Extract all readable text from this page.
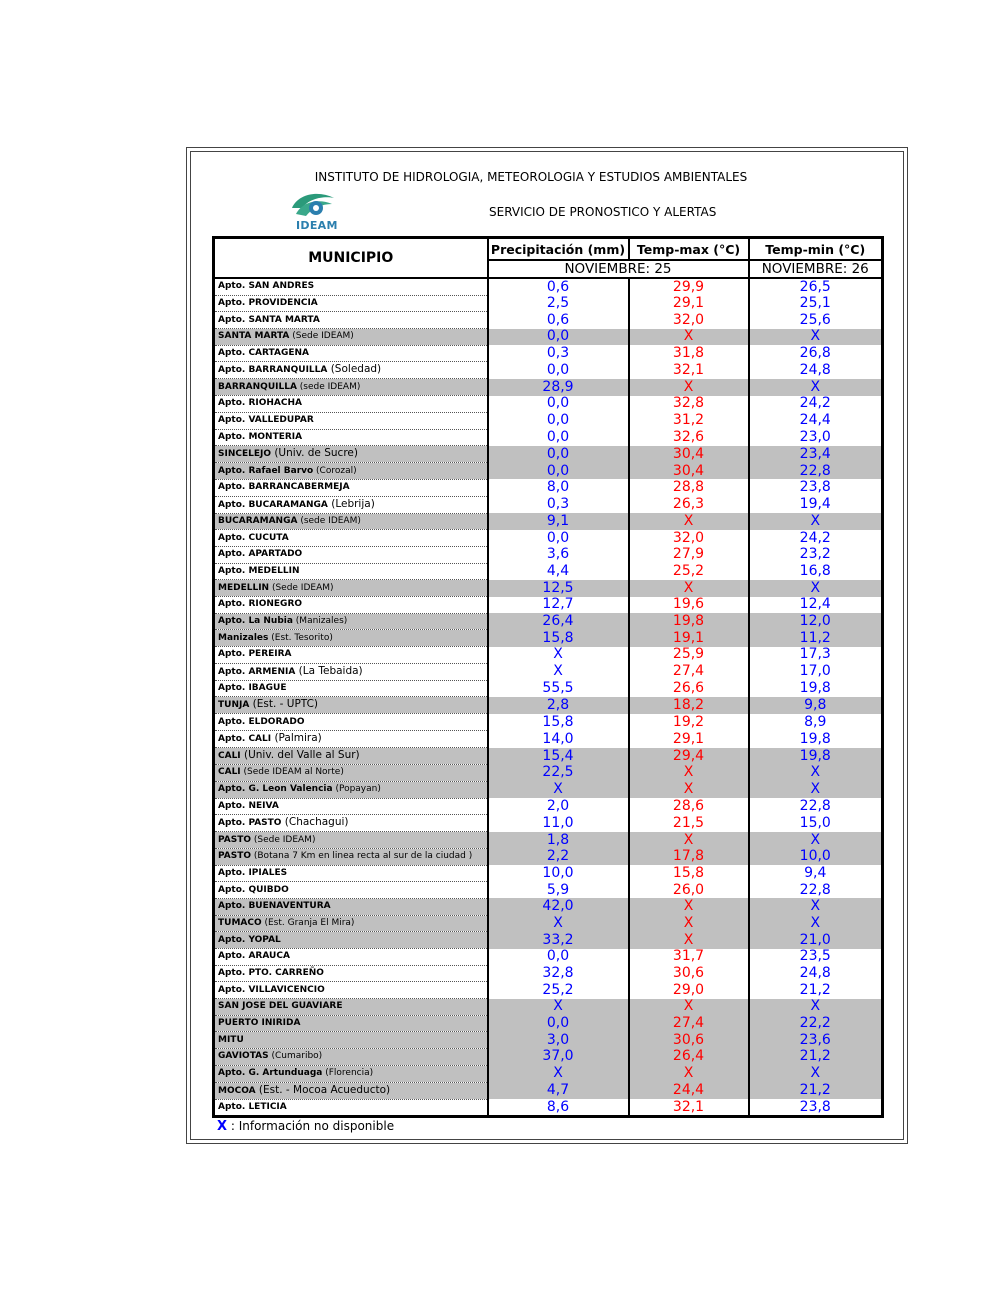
INSTITUTO DE HIDROLOGIA, METEOROLOGIA Y ESTUDIOS AMBIENTALES
IDEAM
SERVICIO DE PRONOSTICO Y ALERTAS
MUNICIPIO	Precipitación (mm)	Temp-max (°C)	Temp-min (°C)
	NOVIEMBRE: 25		NOVIEMBRE: 26
Apto. SAN ANDRES	0,6	29,9	26,5
Apto. PROVIDENCIA	2,5	29,1	25,1
Apto. SANTA MARTA	0,6	32,0	25,6
SANTA MARTA (Sede IDEAM)	0,0	X	X
Apto. CARTAGENA	0,3	31,8	26,8
Apto. BARRANQUILLA (Soledad)	0,0	32,1	24,8
BARRANQUILLA (sede IDEAM)	28,9	X	X
Apto. RIOHACHA	0,0	32,8	24,2
Apto. VALLEDUPAR	0,0	31,2	24,4
Apto. MONTERIA	0,0	32,6	23,0
SINCELEJO (Univ. de Sucre)	0,0	30,4	23,4
Apto. Rafael Barvo (Corozal)	0,0	30,4	22,8
Apto. BARRANCABERMEJA	8,0	28,8	23,8
Apto. BUCARAMANGA (Lebrija)	0,3	26,3	19,4
BUCARAMANGA (sede IDEAM)	9,1	X	X
Apto. CUCUTA	0,0	32,0	24,2
Apto. APARTADO	3,6	27,9	23,2
Apto. MEDELLIN	4,4	25,2	16,8
MEDELLIN (Sede IDEAM)	12,5	X	X
Apto. RIONEGRO	12,7	19,6	12,4
Apto. La Nubia (Manizales)	26,4	19,8	12,0
Manizales (Est. Tesorito)	15,8	19,1	11,2
Apto. PEREIRA	X	25,9	17,3
Apto. ARMENIA (La Tebaida)	X	27,4	17,0
Apto. IBAGUE	55,5	26,6	19,8
TUNJA (Est. - UPTC)	2,8	18,2	9,8
Apto. ELDORADO	15,8	19,2	8,9
Apto. CALI (Palmira)	14,0	29,1	19,8
CALI (Univ. del Valle al Sur)	15,4	29,4	19,8
CALI (Sede IDEAM al Norte)	22,5	X	X
Apto. G. Leon Valencia (Popayan)	X	X	X
Apto. NEIVA	2,0	28,6	22,8
Apto. PASTO (Chachagui)	11,0	21,5	15,0
PASTO (Sede IDEAM)	1,8	X	X
PASTO (Botana 7 Km en linea recta al sur de la ciudad )	2,2	17,8	10,0
Apto. IPIALES	10,0	15,8	9,4
Apto. QUIBDO	5,9	26,0	22,8
Apto. BUENAVENTURA	42,0	X	X
TUMACO (Est. Granja El Mira)	X	X	X
Apto. YOPAL	33,2	X	21,0
Apto. ARAUCA	0,0	31,7	23,5
Apto. PTO. CARREÑO	32,8	30,6	24,8
Apto. VILLAVICENCIO	25,2	29,0	21,2
SAN JOSE DEL GUAVIARE	X	X	X
PUERTO INIRIDA	0,0	27,4	22,2
MITU	3,0	30,6	23,6
GAVIOTAS (Cumaribo)	37,0	26,4	21,2
Apto. G. Artunduaga (Florencia)	X	X	X
MOCOA (Est. - Mocoa Acueducto)	4,7	24,4	21,2
Apto. LETICIA	8,6	32,1	23,8
X : Información no disponible
